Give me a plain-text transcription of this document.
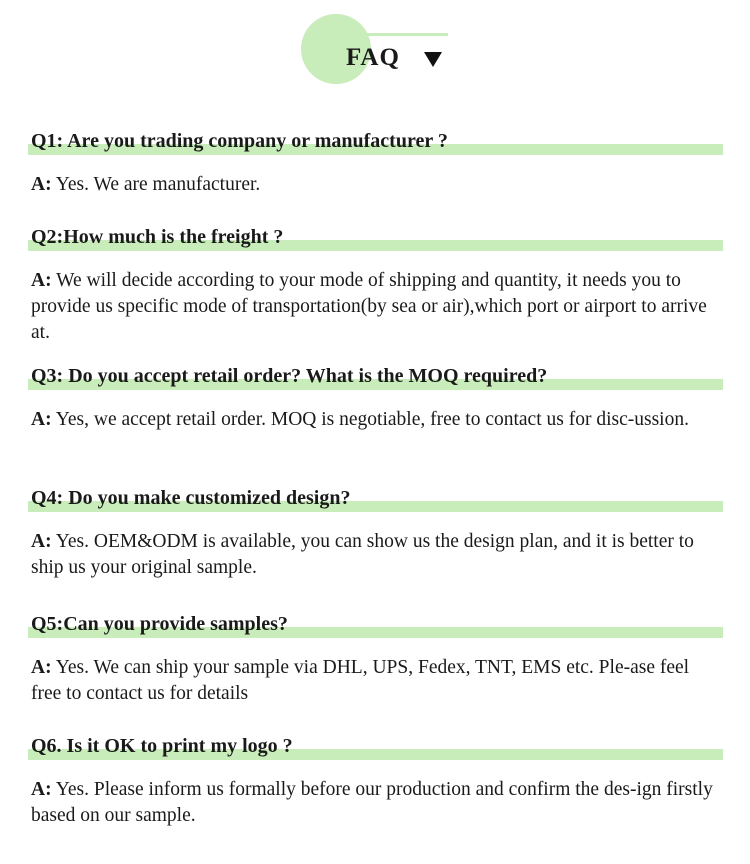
FAQ
Q1: Are you trading company or manufacturer ?
A: Yes. We are manufacturer.
Q2:How much is the freight ?
A: We will decide according to your mode of shipping and quantity, it needs you to provide us specific mode of transportation(by sea or air),which port or airport to arrive at.
Q3: Do you accept retail order? What is the MOQ required?
A: Yes, we accept retail order. MOQ is negotiable, free to contact us for disc-ussion.
Q4: Do you make customized design?
A: Yes. OEM&ODM is available, you can show us the design plan, and it is better to ship us your original sample.
Q5:Can you provide samples?
A: Yes. We can ship your sample via DHL, UPS, Fedex, TNT, EMS etc. Ple-ase feel free to contact us for details
Q6. Is it OK to print my logo ?
A: Yes. Please inform us formally before our production and confirm the des-ign firstly based on our sample.
